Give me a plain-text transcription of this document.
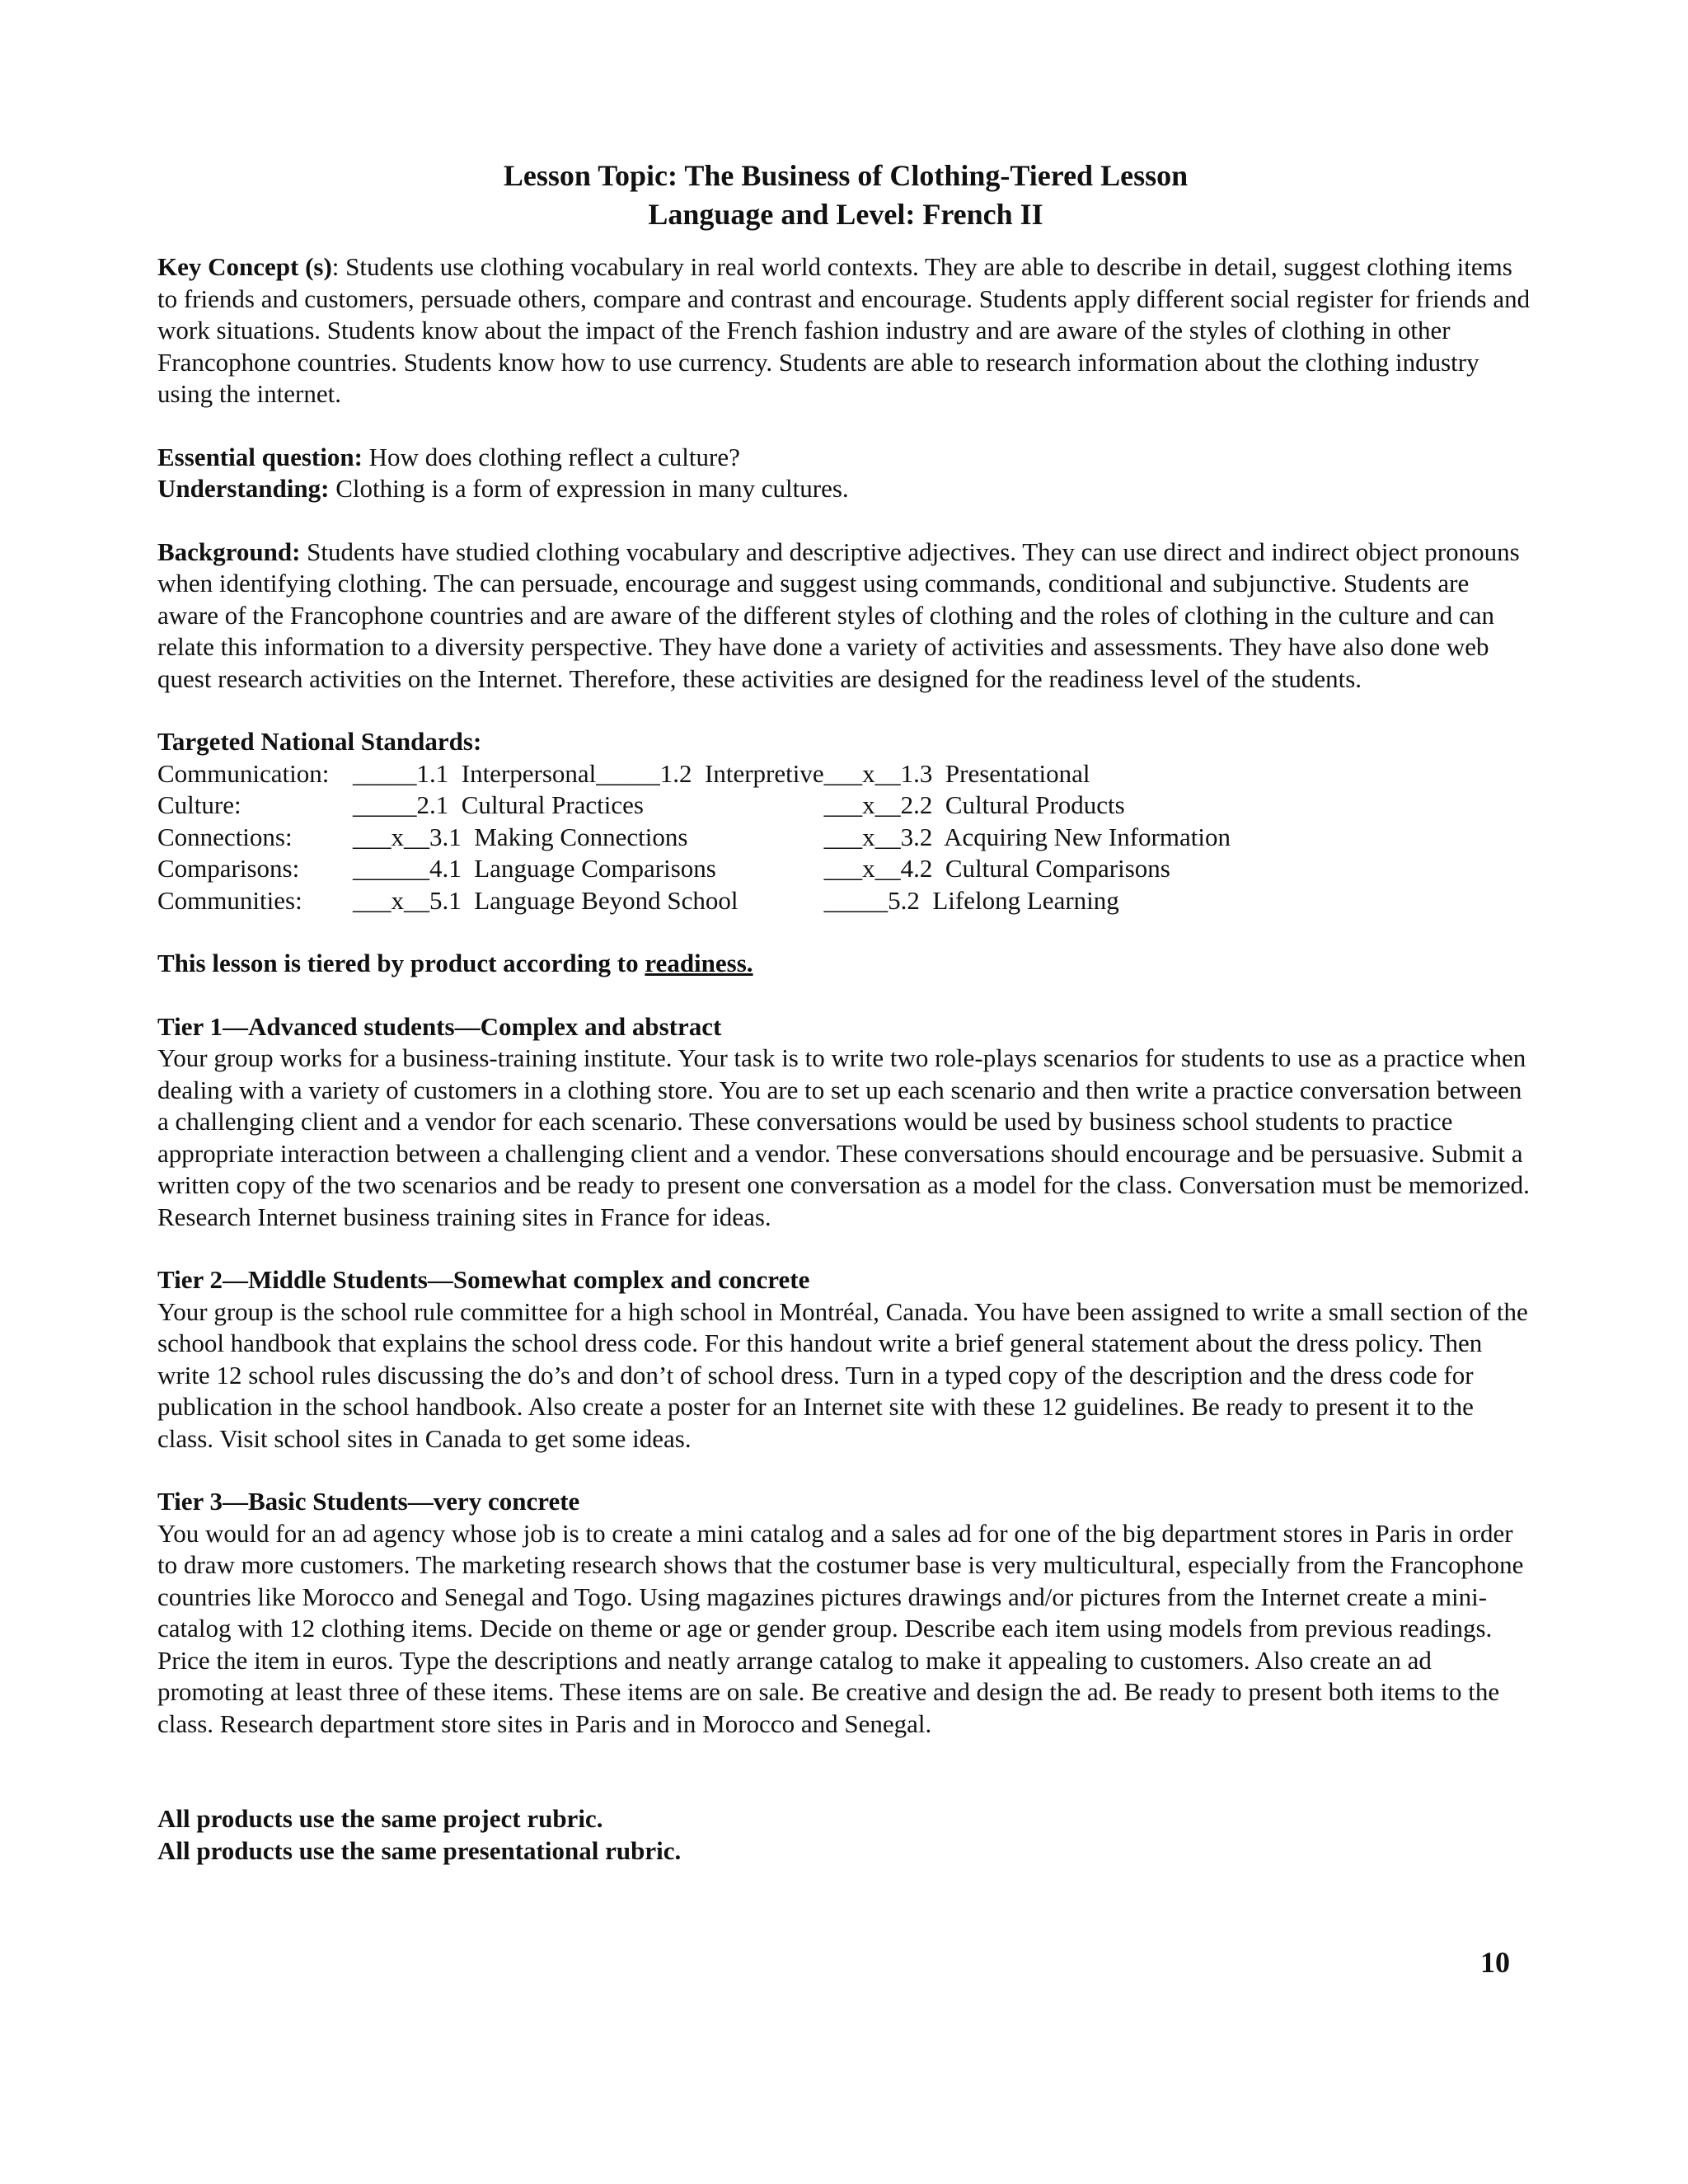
Lesson Topic: The Business of Clothing-Tiered Lesson
Language and Level: French II

Key Concept (s): Students use clothing vocabulary in real world contexts. They are able to describe in detail, suggest clothing items to friends and customers, persuade others, compare and contrast and encourage. Students apply different social register for friends and work situations. Students know about the impact of the French fashion industry and are aware of the styles of clothing in other Francophone countries. Students know how to use currency. Students are able to research information about the clothing industry using the internet.

Essential question: How does clothing reflect a culture?

Understanding: Clothing is a form of expression in many cultures.

Background: Students have studied clothing vocabulary and descriptive adjectives. They can use direct and indirect object pronouns when identifying clothing. The can persuade, encourage and suggest using commands, conditional and subjunctive. Students are aware of the Francophone countries and are aware of the different styles of clothing and the roles of clothing in the culture and can relate this information to a diversity perspective. They have done a variety of activities and assessments. They have also done web quest research activities on the Internet. Therefore, these activities are designed for the readiness level of the students.

Targeted National Standards:

Communication:	_____1.1  Interpersonal_____1.2  Interpretive	___x__1.3  Presentational
Culture:	_____2.1  Cultural Practices	___x__2.2  Cultural Products
Connections:	___x__3.1  Making Connections	___x__3.2  Acquiring New Information
Comparisons:	______4.1  Language Comparisons	___x__4.2  Cultural Comparisons
Communities:	___x__5.1  Language Beyond School	_____5.2  Lifelong Learning

This lesson is tiered by product according to readiness.

Tier 1—Advanced students—Complex and abstract

Your group works for a business-training institute. Your task is to write two role-plays scenarios for students to use as a practice when dealing with a variety of customers in a clothing store. You are to set up each scenario and then write a practice conversation between a challenging client and a vendor for each scenario. These conversations would be used by business school students to practice appropriate interaction between a challenging client and a vendor. These conversations should encourage and be persuasive. Submit a written copy of the two scenarios and be ready to present one conversation as a model for the class. Conversation must be memorized. Research Internet business training sites in France for ideas.

Tier 2—Middle Students—Somewhat complex and concrete

Your group is the school rule committee for a high school in Montréal, Canada. You have been assigned to write a small section of the school handbook that explains the school dress code. For this handout write a brief general statement about the dress policy. Then write 12 school rules discussing the do’s and don’t of school dress. Turn in a typed copy of the description and the dress code for publication in the school handbook. Also create a poster for an Internet site with these 12 guidelines. Be ready to present it to the class. Visit school sites in Canada to get some ideas.

Tier 3—Basic Students—very concrete

You would for an ad agency whose job is to create a mini catalog and a sales ad for one of the big department stores in Paris in order to draw more customers. The marketing research shows that the costumer base is very multicultural, especially from the Francophone countries like Morocco and Senegal and Togo. Using magazines pictures drawings and/or pictures from the Internet create a mini-catalog with 12 clothing items. Decide on theme or age or gender group. Describe each item using models from previous readings. Price the item in euros. Type the descriptions and neatly arrange catalog to make it appealing to customers. Also create an ad promoting at least three of these items. These items are on sale. Be creative and design the ad. Be ready to present both items to the class. Research department store sites in Paris and in Morocco and Senegal.

All products use the same project rubric.

All products use the same presentational rubric.

10
